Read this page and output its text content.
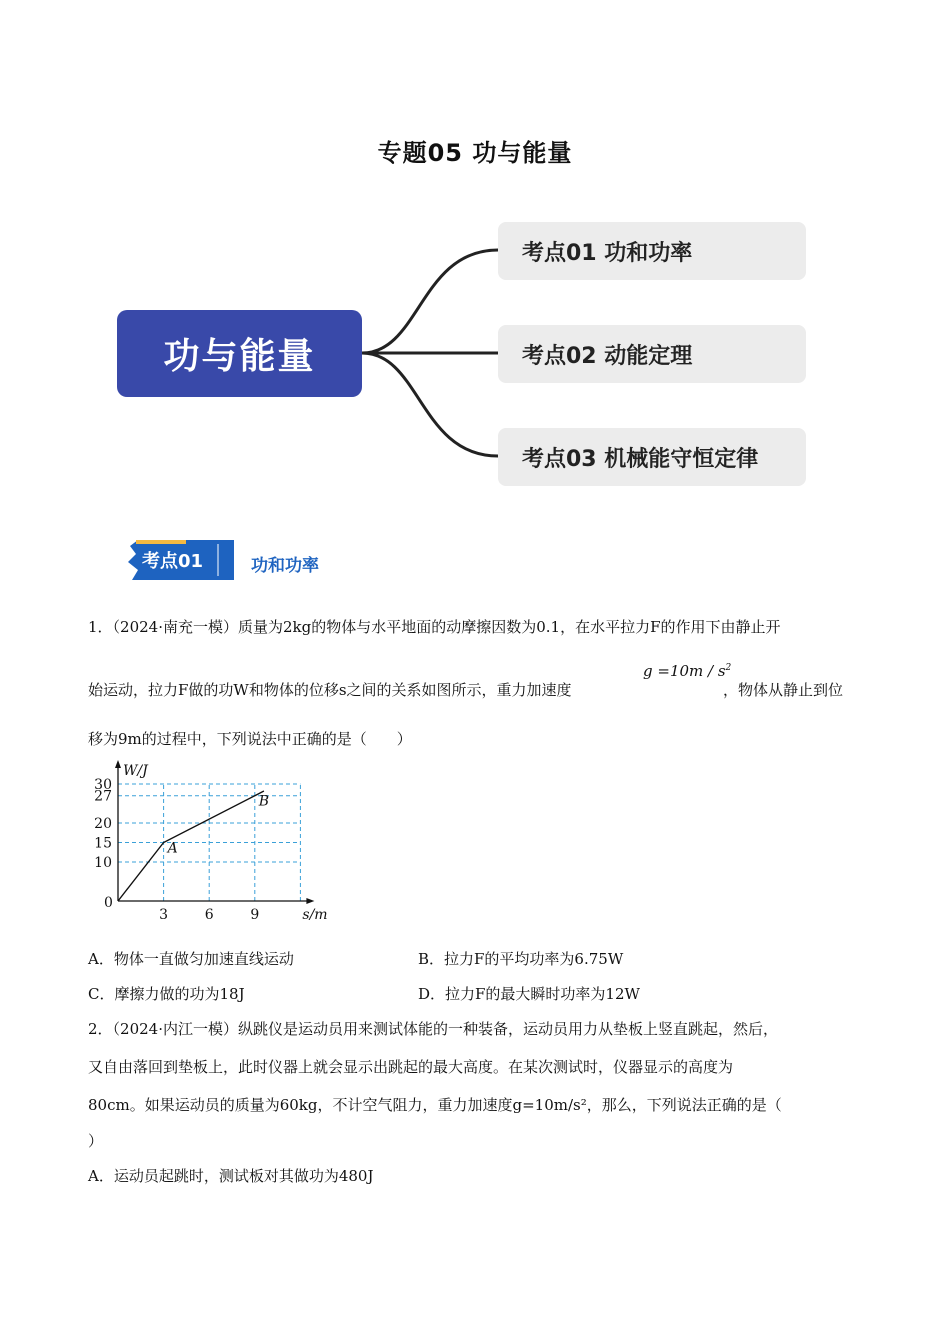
专题05 功与能量
功与能量
考点01 功和功率
考点02 动能定理
考点03 机械能守恒定律
考点01	功和功率
1．（2024·南充一模）质量为2kg的物体与水平地面的动摩擦因数为0.1，在水平拉力F的作用下由静止开
$g =10m / s^2$
始运动，拉力F做的功W和物体的位移s之间的关系如图所示，重力加速度	，物体从静止到位
移为9m的过程中，下列说法中正确的是（　　）
W/J
s/m
0
10
15
20
27
30
3	6	9
A
B
A．物体一直做匀加速直线运动	B．拉力F的平均功率为6.75W
C．摩擦力做的功为18J	D．拉力F的最大瞬时功率为12W
2．（2024·内江一模）纵跳仪是运动员用来测试体能的一种装备，运动员用力从垫板上竖直跳起，然后，
又自由落回到垫板上，此时仪器上就会显示出跳起的最大高度。在某次测试时，仪器显示的高度为
80cm。如果运动员的质量为60kg，不计空气阻力，重力加速度g=10m/s²，那么，下列说法正确的是（
）
A．运动员起跳时，测试板对其做功为480J
